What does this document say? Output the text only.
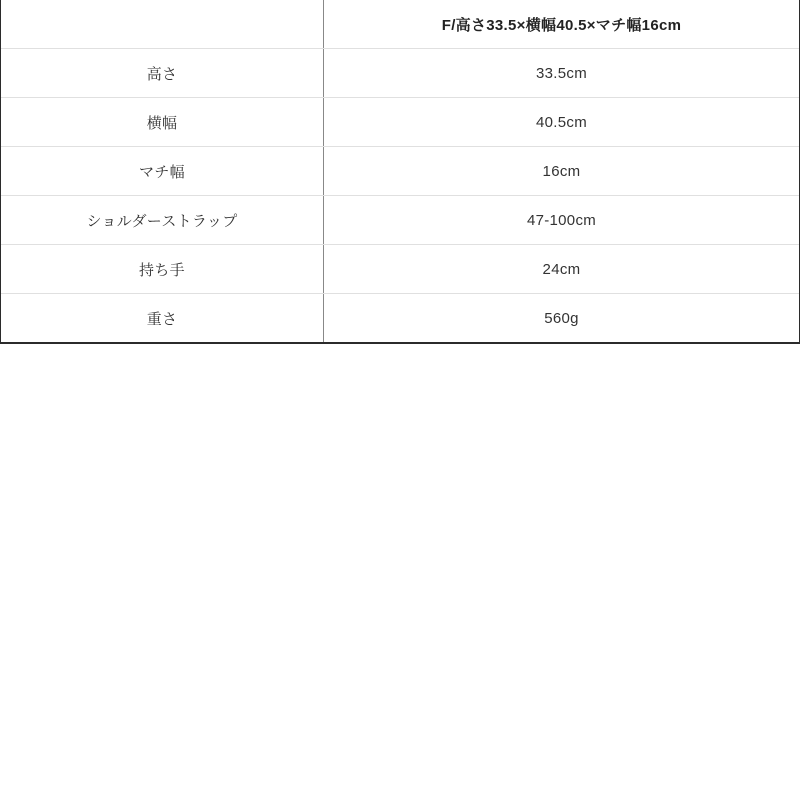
F/高さ33.5×横幅40.5×マチ幅16cm
高さ	33.5cm
横幅	40.5cm
マチ幅	16cm
ショルダーストラップ	47-100cm
持ち手	24cm
重さ	560g
